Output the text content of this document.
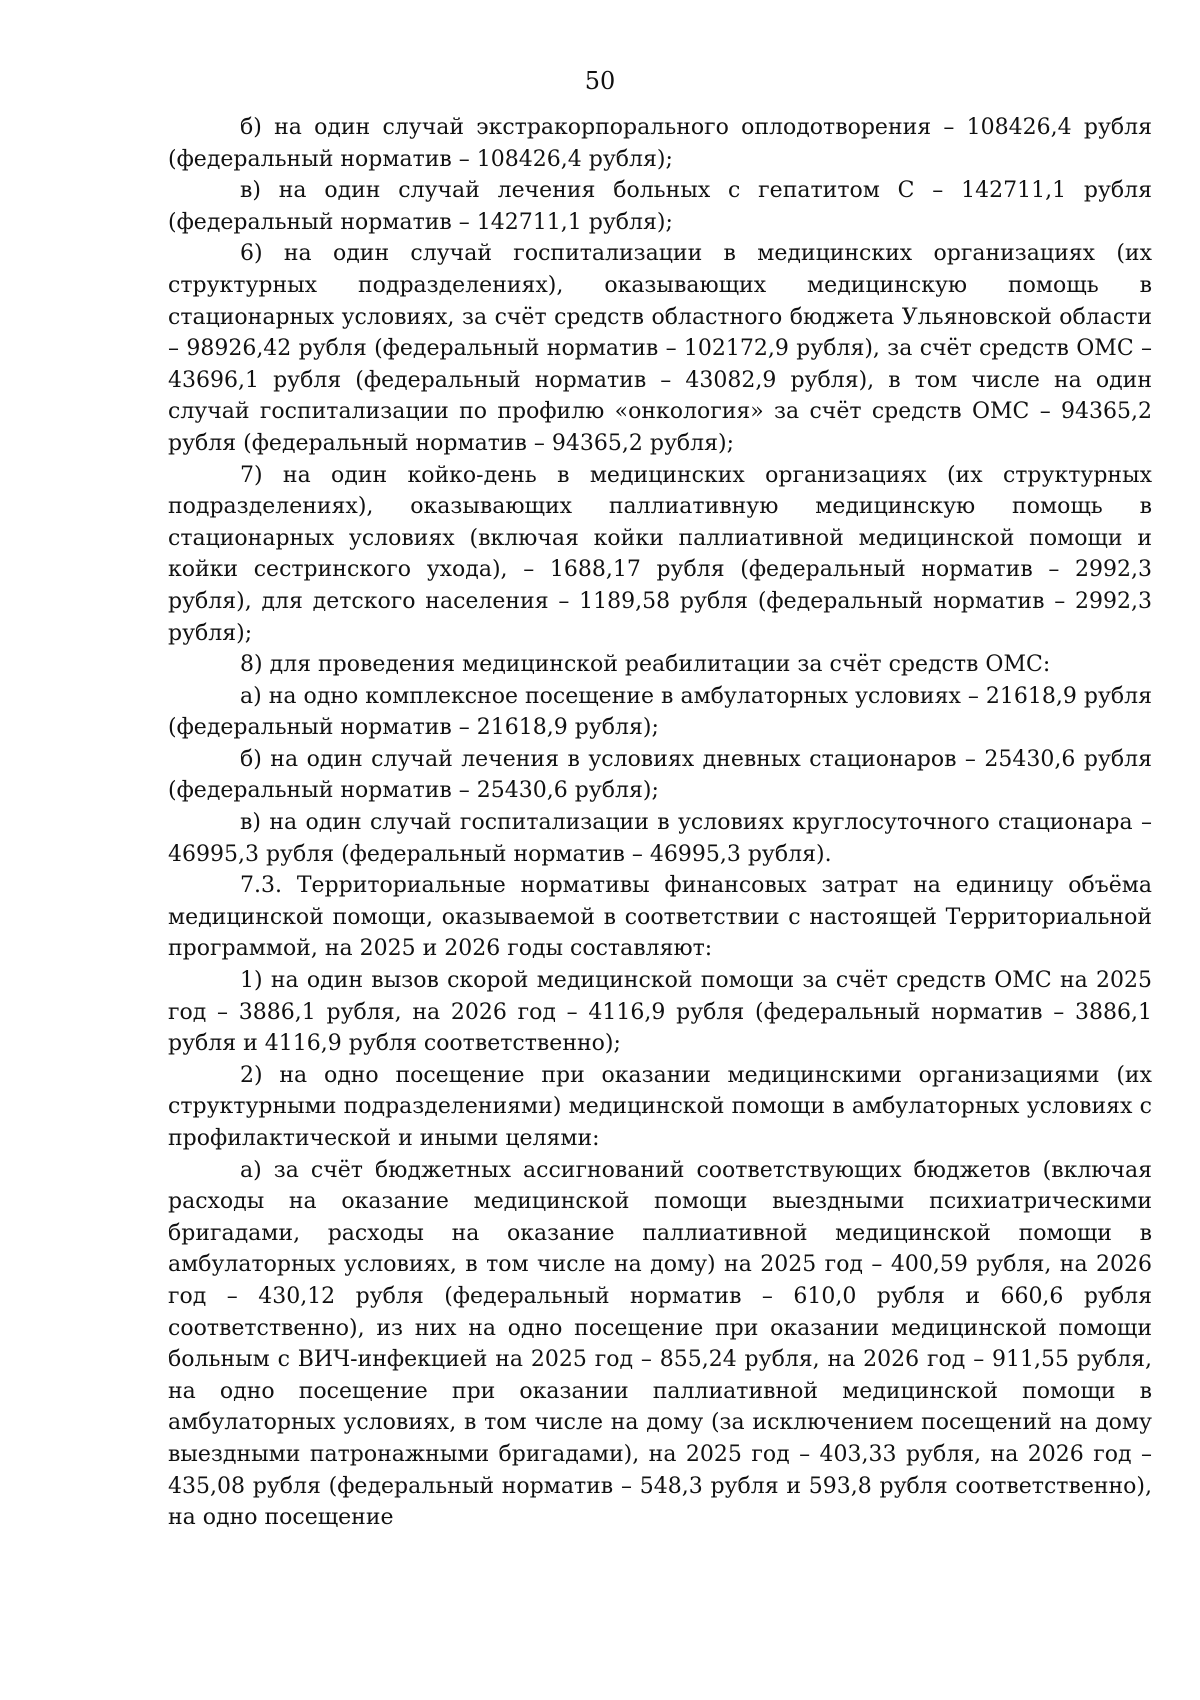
50

б) на один случай экстракорпорального оплодотворения – 108426,4 рубля (федеральный норматив – 108426,4 рубля);

в) на один случай лечения больных с гепатитом С – 142711,1 рубля (федеральный норматив – 142711,1 рубля);

6) на один случай госпитализации в медицинских организациях (их структурных подразделениях), оказывающих медицинскую помощь в стационарных условиях, за счёт средств областного бюджета Ульяновской области – 98926,42 рубля (федеральный норматив – 102172,9 рубля), за счёт средств ОМС – 43696,1 рубля (федеральный норматив – 43082,9 рубля), в том числе на один случай госпитализации по профилю «онкология» за счёт средств ОМС – 94365,2 рубля (федеральный норматив – 94365,2 рубля);

7) на один койко-день в медицинских организациях (их структурных подразделениях), оказывающих паллиативную медицинскую помощь в стационарных условиях (включая койки паллиативной медицинской помощи и койки сестринского ухода), – 1688,17 рубля (федеральный норматив – 2992,3 рубля), для детского населения – 1189,58 рубля (федеральный норматив – 2992,3 рубля);

8) для проведения медицинской реабилитации за счёт средств ОМС:

а) на одно комплексное посещение в амбулаторных условиях – 21618,9 рубля (федеральный норматив – 21618,9 рубля);

б) на один случай лечения в условиях дневных стационаров – 25430,6 рубля (федеральный норматив – 25430,6 рубля);

в) на один случай госпитализации в условиях круглосуточного стационара – 46995,3 рубля (федеральный норматив – 46995,3 рубля).

7.3. Территориальные нормативы финансовых затрат на единицу объёма медицинской помощи, оказываемой в соответствии с настоящей Территориальной программой, на 2025 и 2026 годы составляют:

1) на один вызов скорой медицинской помощи за счёт средств ОМС на 2025 год – 3886,1 рубля, на 2026 год – 4116,9 рубля (федеральный норматив – 3886,1 рубля и 4116,9 рубля соответственно);

2) на одно посещение при оказании медицинскими организациями (их структурными подразделениями) медицинской помощи в амбулаторных условиях с профилактической и иными целями:

а) за счёт бюджетных ассигнований соответствующих бюджетов (включая расходы на оказание медицинской помощи выездными психиатрическими бригадами, расходы на оказание паллиативной медицинской помощи в амбулаторных условиях, в том числе на дому) на 2025 год – 400,59 рубля, на 2026 год – 430,12 рубля (федеральный норматив – 610,0 рубля и 660,6 рубля соответственно), из них на одно посещение при оказании медицинской помощи больным с ВИЧ-инфекцией на 2025 год – 855,24 рубля, на 2026 год – 911,55 рубля, на одно посещение при оказании паллиативной медицинской помощи в амбулаторных условиях, в том числе на дому (за исключением посещений на дому выездными патронажными бригадами), на 2025 год – 403,33 рубля, на 2026 год – 435,08 рубля (федеральный норматив – 548,3 рубля и 593,8 рубля соответственно), на одно посещение
